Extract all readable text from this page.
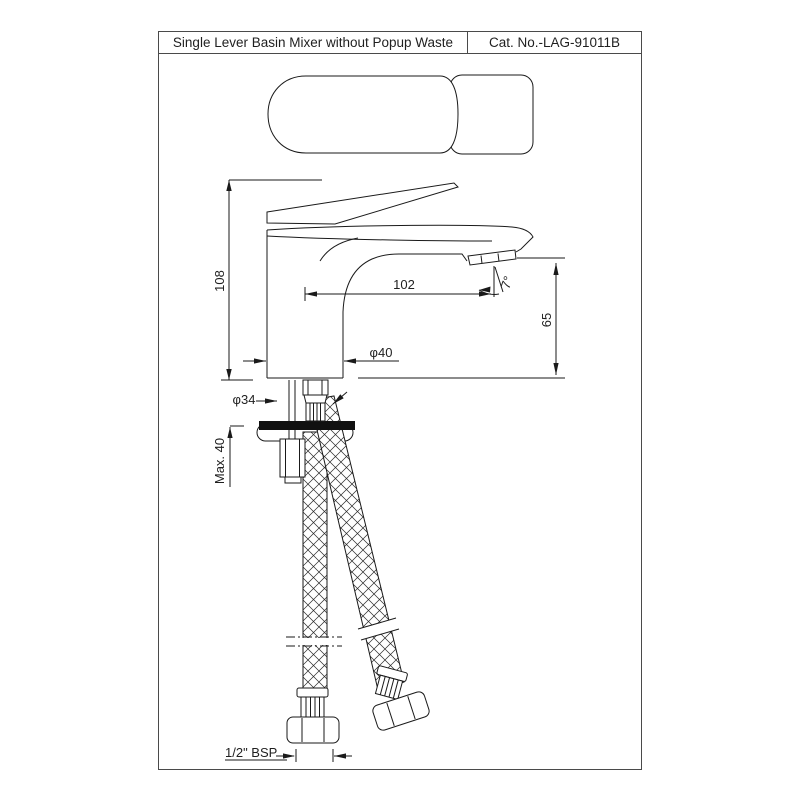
Single Lever Basin Mixer without Popup Waste	Cat. No.-LAG-91011B
108	102	7°
65
φ40
φ34
Max. 40
1/2" BSP
